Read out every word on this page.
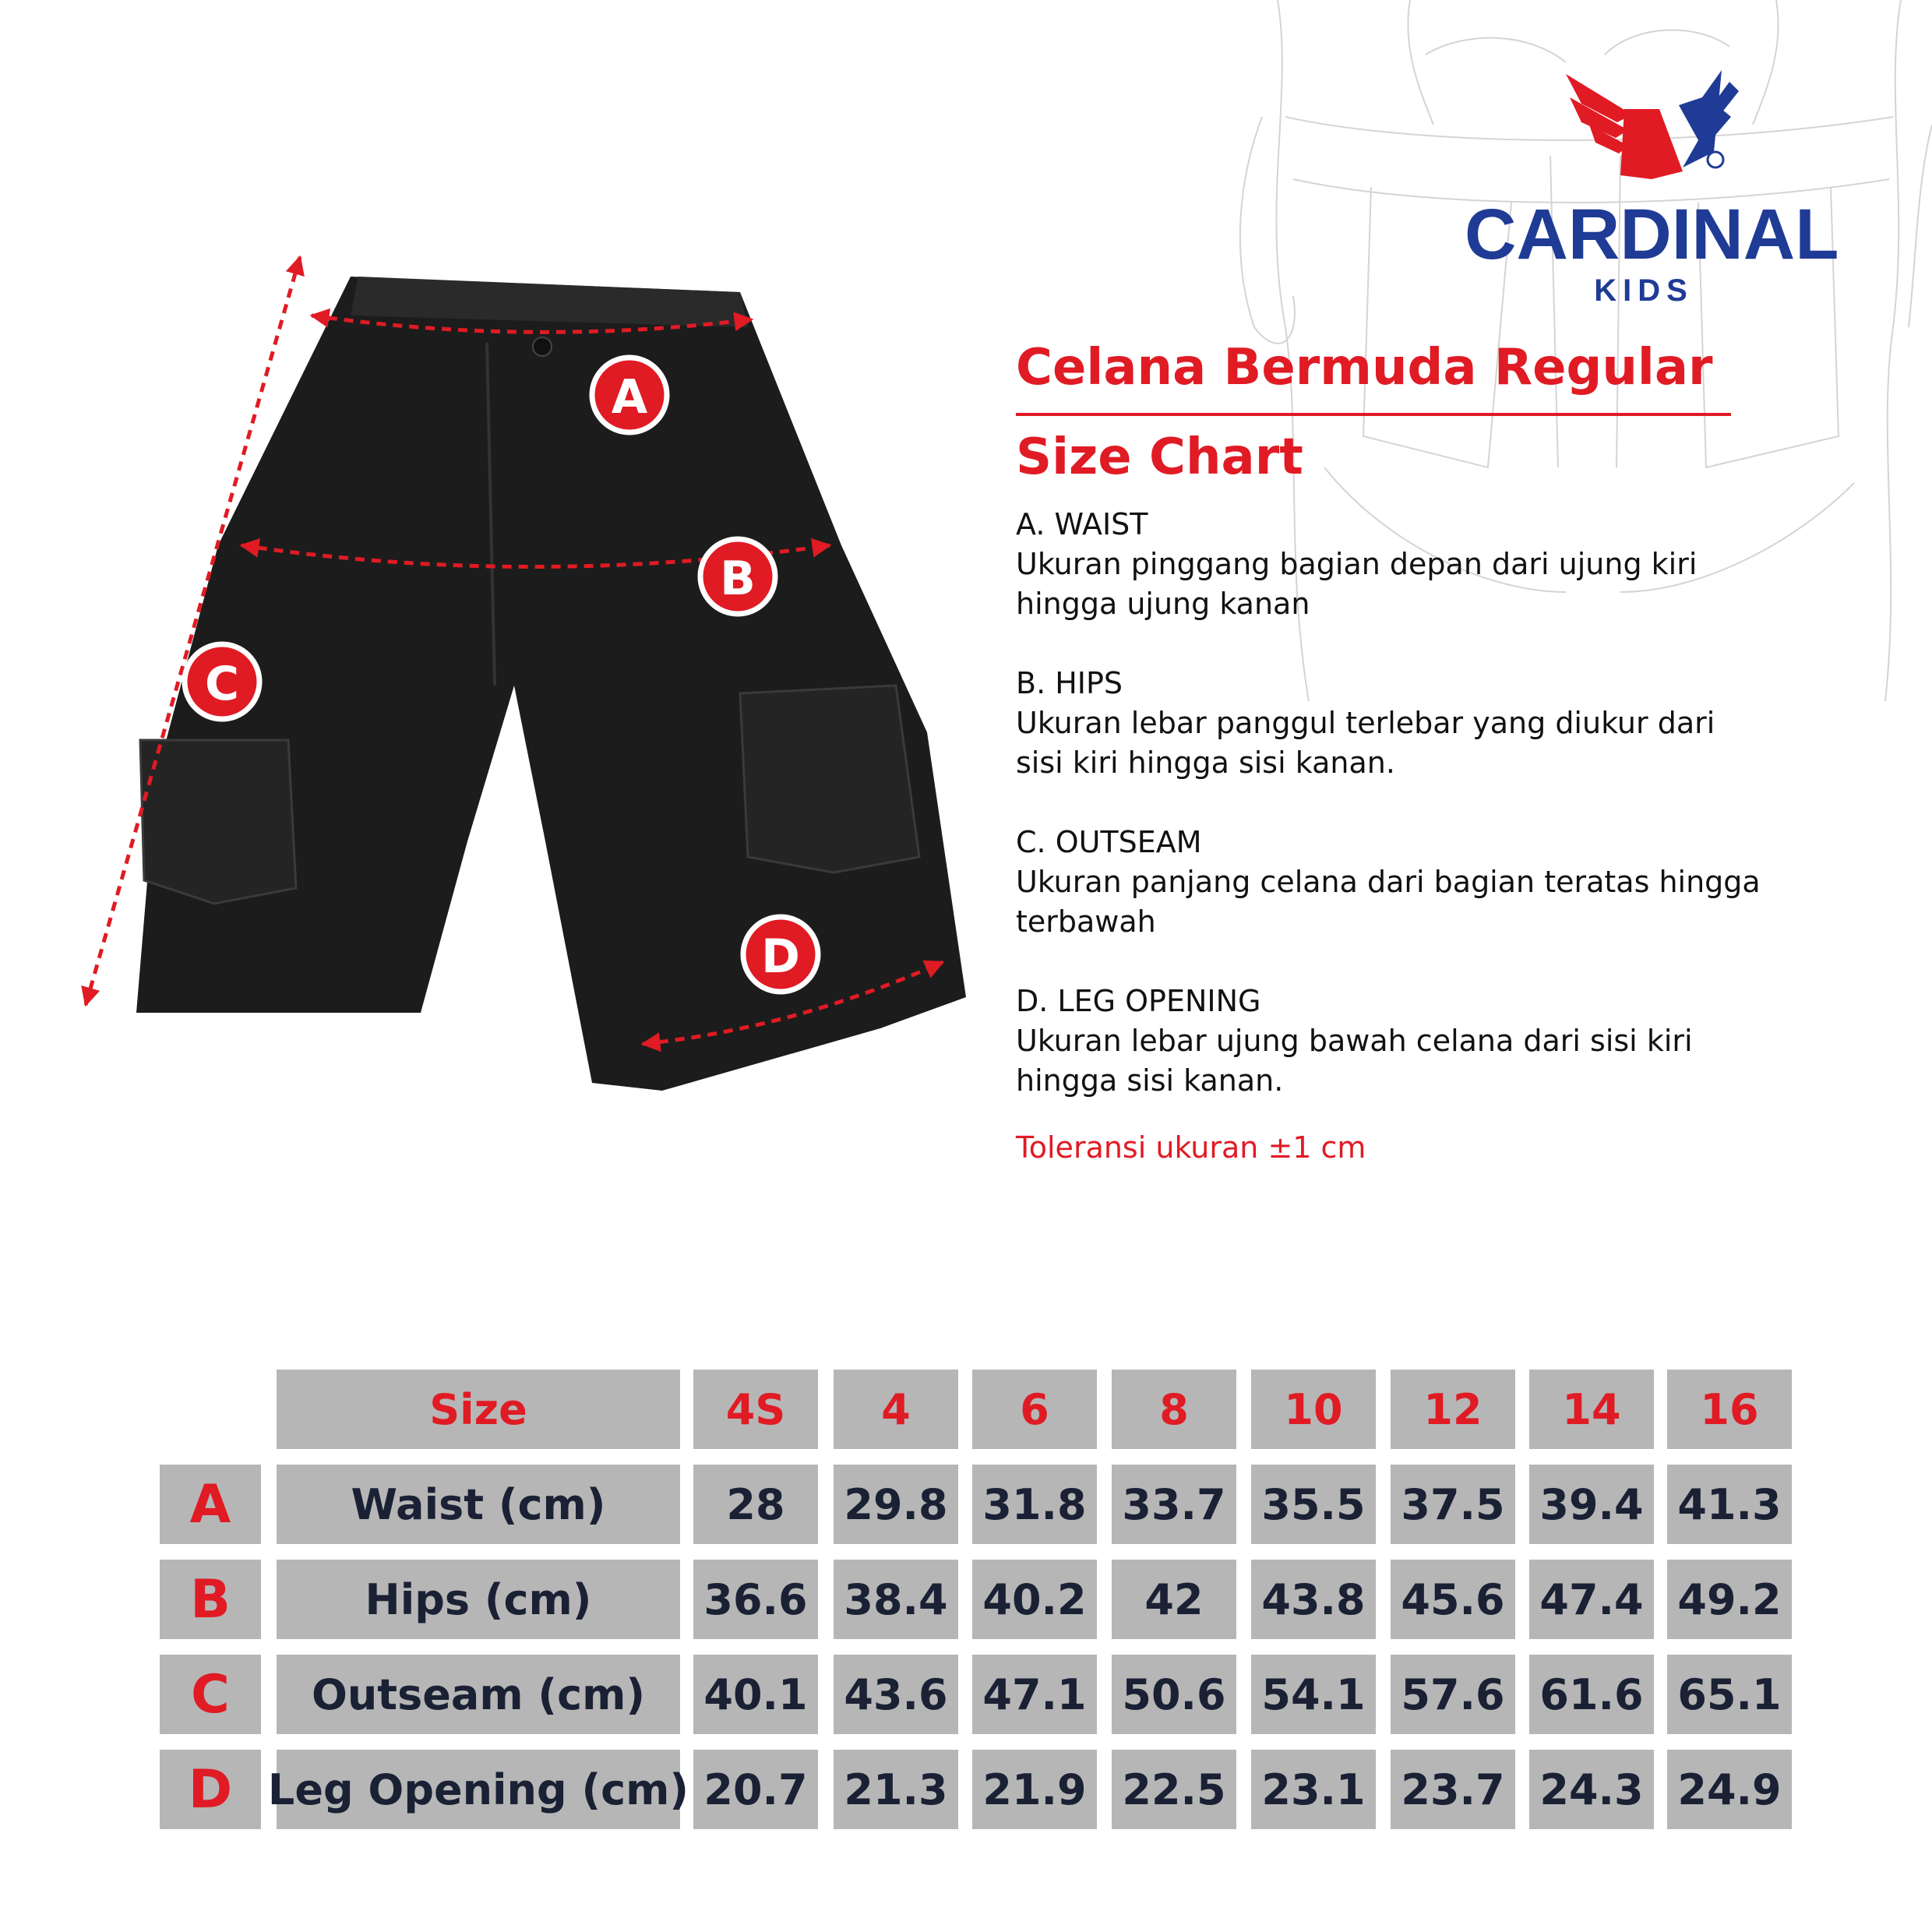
CARDINAL
KIDS
A
B
C
D
Celana Bermuda Regular
Size Chart
A. WAIST
Ukuran pinggang bagian depan dari ujung kiri hingga ujung kanan
B. HIPS
Ukuran lebar panggul terlebar yang diukur dari sisi kiri hingga sisi kanan.
C. OUTSEAM
Ukuran panjang celana dari bagian teratas hingga terbawah
D. LEG OPENING
Ukuran lebar ujung bawah celana dari sisi kiri hingga sisi kanan.
Toleransi ukuran ±1 cm
Size	4S	4	6	8	10	12	14	16
A	Waist (cm)	28	29.8 31.8 33.7 35.5 37.5 39.4 41.3
B	Hips (cm)	36.6 38.4 40.2	42	43.8 45.6 47.4 49.2
C	Outseam (cm)	40.1 43.6 47.1 50.6 54.1 57.6 61.6 65.1
D Leg Opening (cm) 20.7 21.3 21.9 22.5 23.1 23.7 24.3 24.9
